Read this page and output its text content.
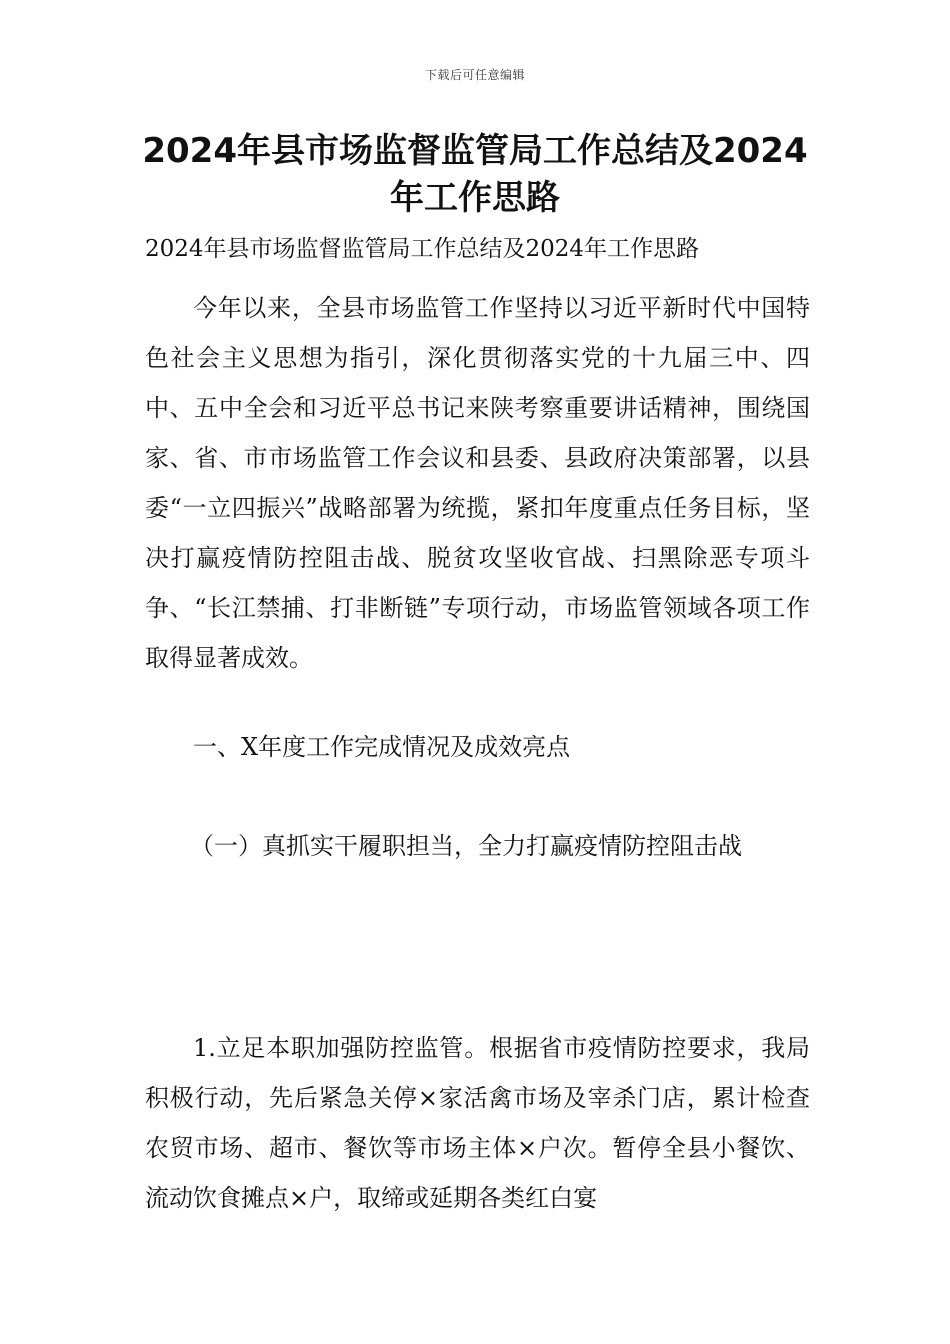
下载后可任意编辑
2024年县市场监督监管局工作总结及2024年工作思路
2024年县市场监督监管局工作总结及2024年工作思路
今年以来，全县市场监管工作坚持以习近平新时代中国特色社会主义思想为指引，深化贯彻落实党的十九届三中、四中、五中全会和习近平总书记来陕考察重要讲话精神，围绕国家、省、市市场监管工作会议和县委、县政府决策部署，以县委“一立四振兴”战略部署为统揽，紧扣年度重点任务目标，坚决打赢疫情防控阻击战、脱贫攻坚收官战、扫黑除恶专项斗争、“长江禁捕、打非断链”专项行动，市场监管领域各项工作取得显著成效。
一、X年度工作完成情况及成效亮点
（一）真抓实干履职担当，全力打赢疫情防控阻击战
1.立足本职加强防控监管。根据省市疫情防控要求，我局积极行动，先后紧急关停×家活禽市场及宰杀门店，累计检查农贸市场、超市、餐饮等市场主体×户次。暂停全县小餐饮、流动饮食摊点×户，取缔或延期各类红白宴
